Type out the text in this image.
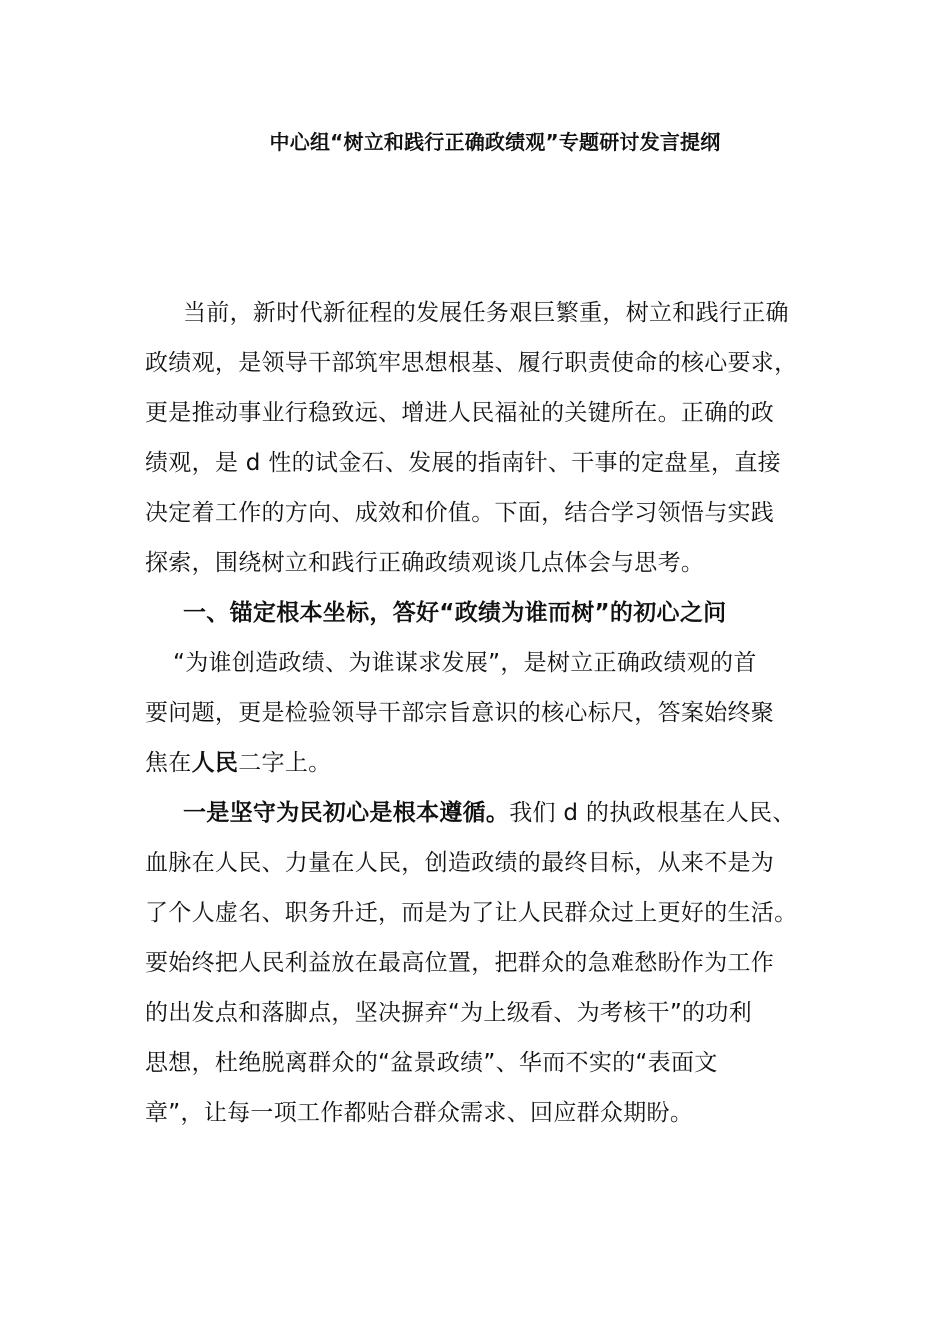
中心组“树立和践行正确政绩观”专题研讨发言提纲
当前，新时代新征程的发展任务艰巨繁重，树立和践行正确
政绩观，是领导干部筑牢思想根基、履行职责使命的核心要求，
更是推动事业行稳致远、增进人民福祉的关键所在。正确的政
绩观，是 d 性的试金石、发展的指南针、干事的定盘星，直接
决定着工作的方向、成效和价值。下面，结合学习领悟与实践
探索，围绕树立和践行正确政绩观谈几点体会与思考。
一、锚定根本坐标，答好“政绩为谁而树”的初心之问
“为谁创造政绩、为谁谋求发展”，是树立正确政绩观的首
要问题，更是检验领导干部宗旨意识的核心标尺，答案始终聚
焦在人民二字上。
一是坚守为民初心是根本遵循。我们 d 的执政根基在人民、
血脉在人民、力量在人民，创造政绩的最终目标，从来不是为
了个人虚名、职务升迁，而是为了让人民群众过上更好的生活。
要始终把人民利益放在最高位置，把群众的急难愁盼作为工作
的出发点和落脚点，坚决摒弃“为上级看、为考核干”的功利
思想，杜绝脱离群众的“盆景政绩”、华而不实的“表面文
章”，让每一项工作都贴合群众需求、回应群众期盼。
